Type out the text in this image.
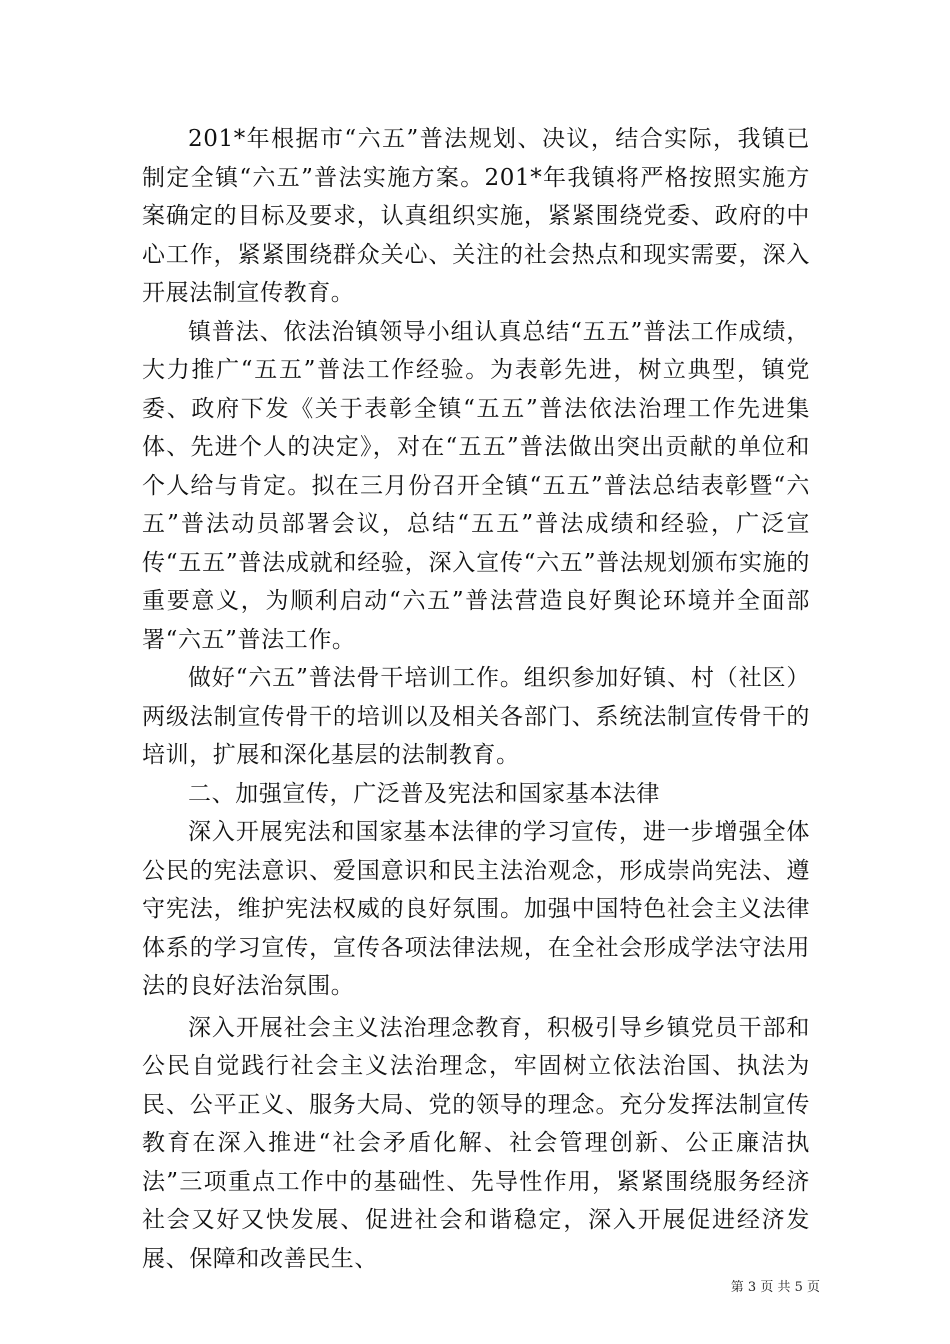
201*年根据市“六五”普法规划、决议，结合实际，我镇已制定全镇“六五”普法实施方案。201*年我镇将严格按照实施方案确定的目标及要求，认真组织实施，紧紧围绕党委、政府的中心工作，紧紧围绕群众关心、关注的社会热点和现实需要，深入开展法制宣传教育。

镇普法、依法治镇领导小组认真总结“五五”普法工作成绩，大力推广“五五”普法工作经验。为表彰先进，树立典型，镇党委、政府下发《关于表彰全镇“五五”普法依法治理工作先进集体、先进个人的决定》，对在“五五”普法做出突出贡献的单位和个人给与肯定。拟在三月份召开全镇“五五”普法总结表彰暨“六五”普法动员部署会议，总结“五五”普法成绩和经验，广泛宣传“五五”普法成就和经验，深入宣传“六五”普法规划颁布实施的重要意义，为顺利启动“六五”普法营造良好舆论环境并全面部署“六五”普法工作。

做好“六五”普法骨干培训工作。组织参加好镇、村（社区）两级法制宣传骨干的培训以及相关各部门、系统法制宣传骨干的培训，扩展和深化基层的法制教育。

二、加强宣传，广泛普及宪法和国家基本法律

深入开展宪法和国家基本法律的学习宣传，进一步增强全体公民的宪法意识、爱国意识和民主法治观念，形成崇尚宪法、遵守宪法，维护宪法权威的良好氛围。加强中国特色社会主义法律体系的学习宣传，宣传各项法律法规，在全社会形成学法守法用法的良好法治氛围。

深入开展社会主义法治理念教育，积极引导乡镇党员干部和公民自觉践行社会主义法治理念，牢固树立依法治国、执法为民、公平正义、服务大局、党的领导的理念。充分发挥法制宣传教育在深入推进“社会矛盾化解、社会管理创新、公正廉洁执法”三项重点工作中的基础性、先导性作用，紧紧围绕服务经济社会又好又快发展、促进社会和谐稳定，深入开展促进经济发展、保障和改善民生、

第 3 页 共 5 页
